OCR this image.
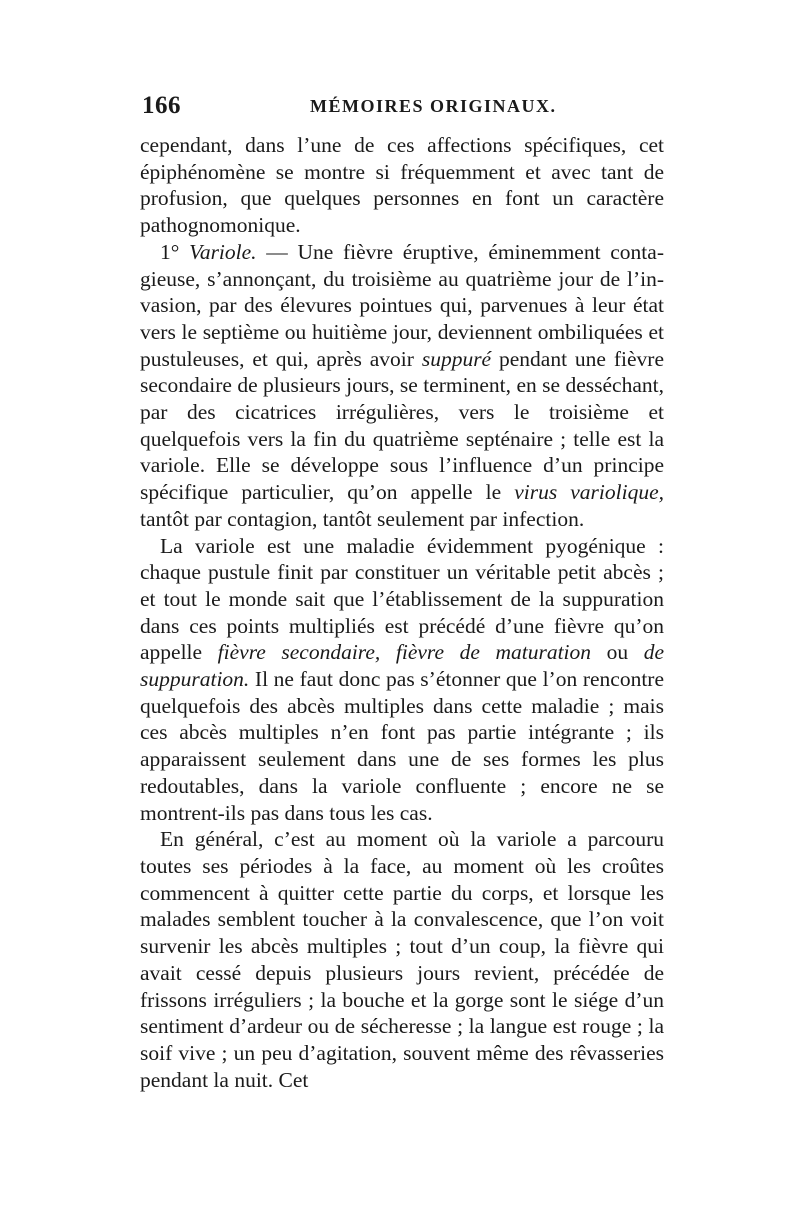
166	MÉMOIRES ORIGINAUX.

cependant, dans l’une de ces affections spécifiques, cet épiphénomène se montre si fréquemment et avec tant de profusion, que quelques personnes en font un caractère pathognomonique.

1° Variole. — Une fièvre éruptive, éminemment contagieuse, s’annonçant, du troisième au quatrième jour de l’invasion, par des élevures pointues qui, parvenues à leur état vers le septième ou huitième jour, deviennent ombiliquées et pustuleuses, et qui, après avoir suppuré pendant une fièvre secondaire de plusieurs jours, se terminent, en se desséchant, par des cicatrices irrégulières, vers le troisième et quelquefois vers la fin du quatrième septénaire ; telle est la variole. Elle se développe sous l’influence d’un principe spécifique particulier, qu’on appelle le virus variolique, tantôt par contagion, tantôt seulement par infection.

La variole est une maladie évidemment pyogénique : chaque pustule finit par constituer un véritable petit abcès ; et tout le monde sait que l’établissement de la suppuration dans ces points multipliés est précédé d’une fièvre qu’on appelle fièvre secondaire, fièvre de maturation ou de suppuration. Il ne faut donc pas s’étonner que l’on rencontre quelquefois des abcès multiples dans cette maladie ; mais ces abcès multiples n’en font pas partie intégrante ; ils apparaissent seulement dans une de ses formes les plus redoutables, dans la variole confluente ; encore ne se montrent-ils pas dans tous les cas.

En général, c’est au moment où la variole a parcouru toutes ses périodes à la face, au moment où les croûtes commencent à quitter cette partie du corps, et lorsque les malades semblent toucher à la convalescence, que l’on voit survenir les abcès multiples ; tout d’un coup, la fièvre qui avait cessé depuis plusieurs jours revient, précédée de frissons irréguliers ; la bouche et la gorge sont le siége d’un sentiment d’ardeur ou de sécheresse ; la langue est rouge ; la soif vive ; un peu d’agitation, souvent même des rêvasseries pendant la nuit. Cet
